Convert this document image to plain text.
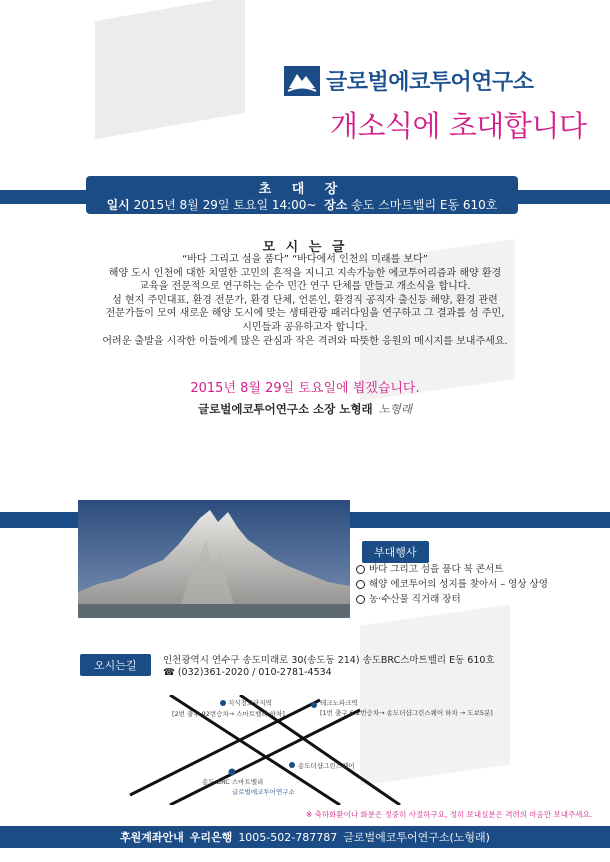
글로벌에코투어연구소
개소식에 초대합니다
초 대 장
일시 2015년 8월 29일 토요일 14:00~ 장소 송도 스마트밸리 E동 610호
모 시 는 글
“바다 그리고 섬을 품다” “바다에서 인천의 미래를 보다”
해양 도시 인천에 대한 치열한 고민의 흔적을 지니고 지속가능한 에코투어리즘과 해양 환경
교육을 전문적으로 연구하는 순수 민간 연구 단체를 만들고 개소식을 합니다.
섬 현지 주민대표, 환경 전문가, 환경 단체, 언론인, 환경직 공직자 출신등 해양, 환경 관련
전문가들이 모여 새로운 해양 도시에 맞는 생태관광 패러다임을 연구하고 그 결과를 섬 주민,
시민들과 공유하고자 합니다.
어려운 출발을 시작한 이들에게 많은 관심과 작은 격려와 따뜻한 응원의 메시지를 보내주세요.
2015년 8월 29일 토요일에 뵙겠습니다.
글로벌에코투어연구소 소장 노형래 노형래
부대행사
바다 그리고 섬을 품다 북 콘서트
해양 에코투어의 성지를 찾아서 – 영상 상영
농·수산물 직거래 장터
오시는길	인천광역시 연수구 송도미래로 30(송도동 214) 송도BRC스마트밸리 E동 610호
☎ (032)361-2020 / 010-2781-4534
지식정보단지역
[2번 출구 92번승차→ 스마트밸리 하차]
테크노파크역
[1번 출구 6-2번승차→ 송도더샵그린스퀘어 하차 → 도보5분]
송도더샵그린스퀘어
송도 BRC 스마트밸리
글로벌에코투어연구소
※ 축하화환이나 화분은 정중히 사절하구요, 정히 보내실분은 격려의 마음만 보내주세요.
후원계좌안내 우리은행 1005-502-787787 글로벌에코투어연구소(노형래)
